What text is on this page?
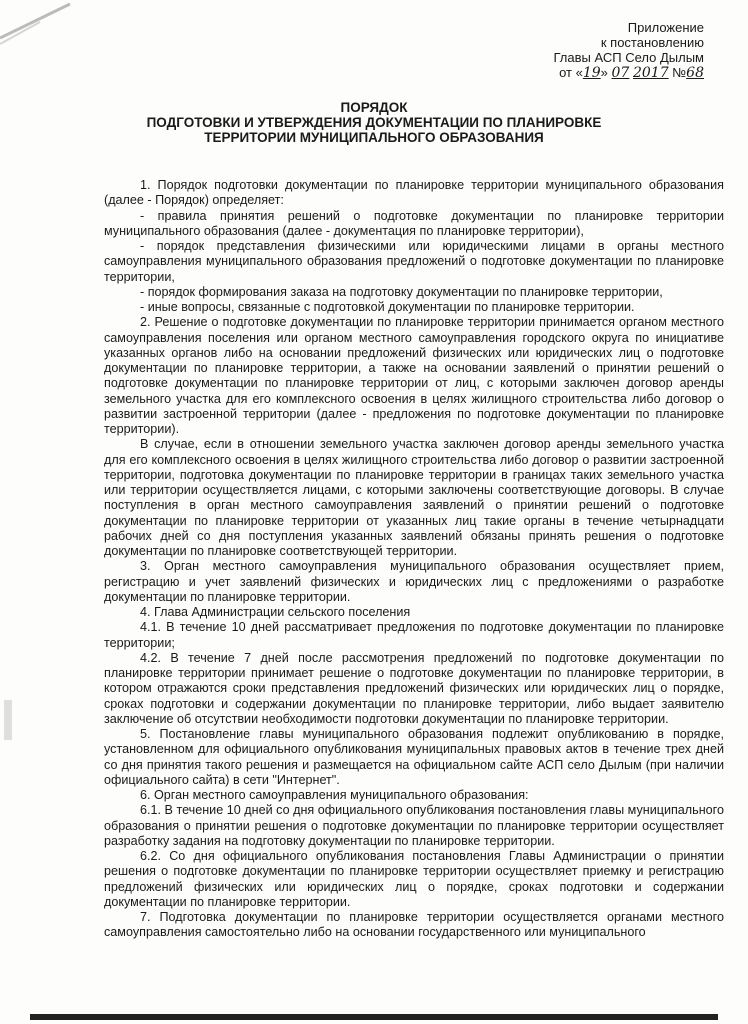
Приложение
к постановлению
Главы АСП Село Дылым
от «19» 07 2017 №68
ПОРЯДОК
ПОДГОТОВКИ И УТВЕРЖДЕНИЯ ДОКУМЕНТАЦИИ ПО ПЛАНИРОВКЕ
ТЕРРИТОРИИ МУНИЦИПАЛЬНОГО ОБРАЗОВАНИЯ

1. Порядок подготовки документации по планировке территории муниципального образования (далее - Порядок) определяет:

- правила принятия решений о подготовке документации по планировке территории муниципального образования (далее - документация по планировке территории),

- порядок представления физическими или юридическими лицами в органы местного самоуправления муниципального образования предложений о подготовке документации по планировке территории,

- порядок формирования заказа на подготовку документации по планировке территории,

- иные вопросы, связанные с подготовкой документации по планировке территории.

2. Решение о подготовке документации по планировке территории принимается органом местного самоуправления поселения или органом местного самоуправления городского округа по инициативе указанных органов либо на основании предложений физических или юридических лиц о подготовке документации по планировке территории, а также на основании заявлений о принятии решений о подготовке документации по планировке территории от лиц, с которыми заключен договор аренды земельного участка для его комплексного освоения в целях жилищного строительства либо договор о развитии застроенной территории (далее - предложения по подготовке документации по планировке территории).

В случае, если в отношении земельного участка заключен договор аренды земельного участка для его комплексного освоения в целях жилищного строительства либо договор о развитии застроенной территории, подготовка документации по планировке территории в границах таких земельного участка или территории осуществляется лицами, с которыми заключены соответствующие договоры. В случае поступления в орган местного самоуправления заявлений о принятии решений о подготовке документации по планировке территории от указанных лиц такие органы в течение четырнадцати рабочих дней со дня поступления указанных заявлений обязаны принять решения о подготовке документации по планировке соответствующей территории.

3. Орган местного самоуправления муниципального образования осуществляет прием, регистрацию и учет заявлений физических и юридических лиц с предложениями о разработке документации по планировке территории.

4. Глава Администрации сельского поселения

4.1. В течение 10 дней рассматривает предложения по подготовке документации по планировке территории;

4.2. В течение 7 дней после рассмотрения предложений по подготовке документации по планировке территории принимает решение о подготовке документации по планировке территории, в котором отражаются сроки представления предложений физических или юридических лиц о порядке, сроках подготовки и содержании документации по планировке территории, либо выдает заявителю заключение об отсутствии необходимости подготовки документации по планировке территории.

5. Постановление главы муниципального образования подлежит опубликованию в порядке, установленном для официального опубликования муниципальных правовых актов в течение трех дней со дня принятия такого решения и размещается на официальном сайте АСП село Дылым (при наличии официального сайта) в сети "Интернет".

6. Орган местного самоуправления муниципального образования:

6.1. В течение 10 дней со дня официального опубликования постановления главы муниципального образования о принятии решения о подготовке документации по планировке территории осуществляет разработку задания на подготовку документации по планировке территории.

6.2. Со дня официального опубликования постановления Главы Администрации о принятии решения о подготовке документации по планировке территории осуществляет приемку и регистрацию предложений физических или юридических лиц о порядке, сроках подготовки и содержании документации по планировке территории.

7. Подготовка документации по планировке территории осуществляется органами местного самоуправления самостоятельно либо на основании государственного или муниципального
